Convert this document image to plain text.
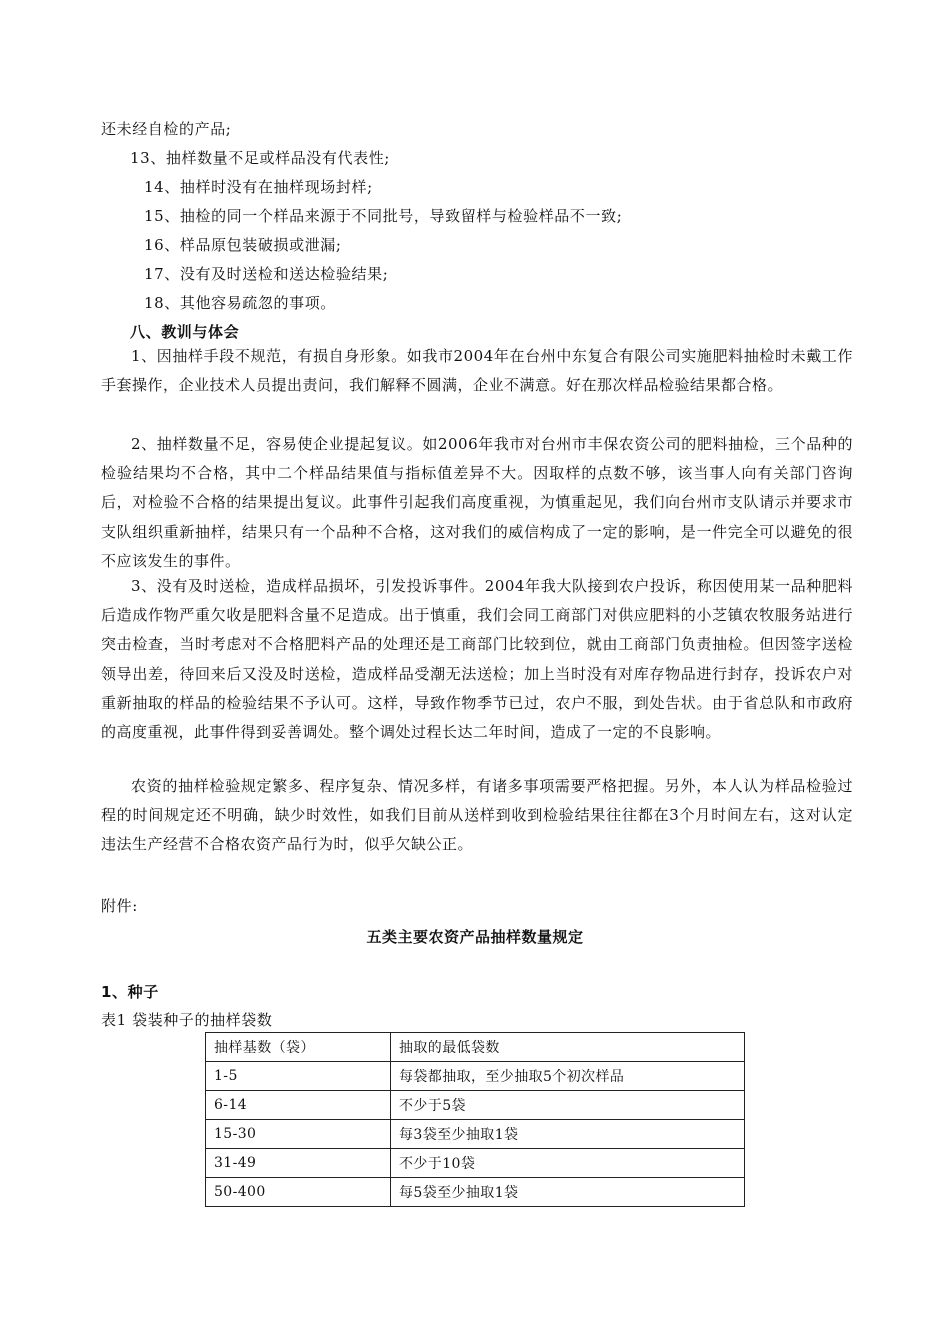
还未经自检的产品;
13、抽样数量不足或样品没有代表性;
14、抽样时没有在抽样现场封样;
15、抽检的同一个样品来源于不同批号，导致留样与检验样品不一致;
16、样品原包装破损或泄漏;
17、没有及时送检和送达检验结果;
18、其他容易疏忽的事项。
八、教训与体会

1、因抽样手段不规范，有损自身形象。如我市2004年在台州中东复合有限公司实施肥料抽检时未戴工作手套操作，企业技术人员提出责问，我们解释不圆满，企业不满意。好在那次样品检验结果都合格。

2、抽样数量不足，容易使企业提起复议。如2006年我市对台州市丰保农资公司的肥料抽检，三个品种的检验结果均不合格，其中二个样品结果值与指标值差异不大。因取样的点数不够，该当事人向有关部门咨询后，对检验不合格的结果提出复议。此事件引起我们高度重视，为慎重起见，我们向台州市支队请示并要求市支队组织重新抽样，结果只有一个品种不合格，这对我们的威信构成了一定的影响，是一件完全可以避免的很不应该发生的事件。

3、没有及时送检，造成样品损坏，引发投诉事件。2004年我大队接到农户投诉，称因使用某一品种肥料后造成作物严重欠收是肥料含量不足造成。出于慎重，我们会同工商部门对供应肥料的小芝镇农牧服务站进行突击检查，当时考虑对不合格肥料产品的处理还是工商部门比较到位，就由工商部门负责抽检。但因签字送检领导出差，待回来后又没及时送检，造成样品受潮无法送检；加上当时没有对库存物品进行封存，投诉农户对重新抽取的样品的检验结果不予认可。这样，导致作物季节已过，农户不服，到处告状。由于省总队和市政府的高度重视，此事件得到妥善调处。整个调处过程长达二年时间，造成了一定的不良影响。

农资的抽样检验规定繁多、程序复杂、情况多样，有诸多事项需要严格把握。另外，本人认为样品检验过程的时间规定还不明确，缺少时效性，如我们目前从送样到收到检验结果往往都在3个月时间左右，这对认定违法生产经营不合格农资产品行为时，似乎欠缺公正。

附件:
五类主要农资产品抽样数量规定
1、种子
表1 袋装种子的抽样袋数
抽样基数（袋）	抽取的最低袋数
1-5	每袋都抽取，至少抽取5个初次样品
6-14	不少于5袋
15-30	每3袋至少抽取1袋
31-49	不少于10袋
50-400	每5袋至少抽取1袋
